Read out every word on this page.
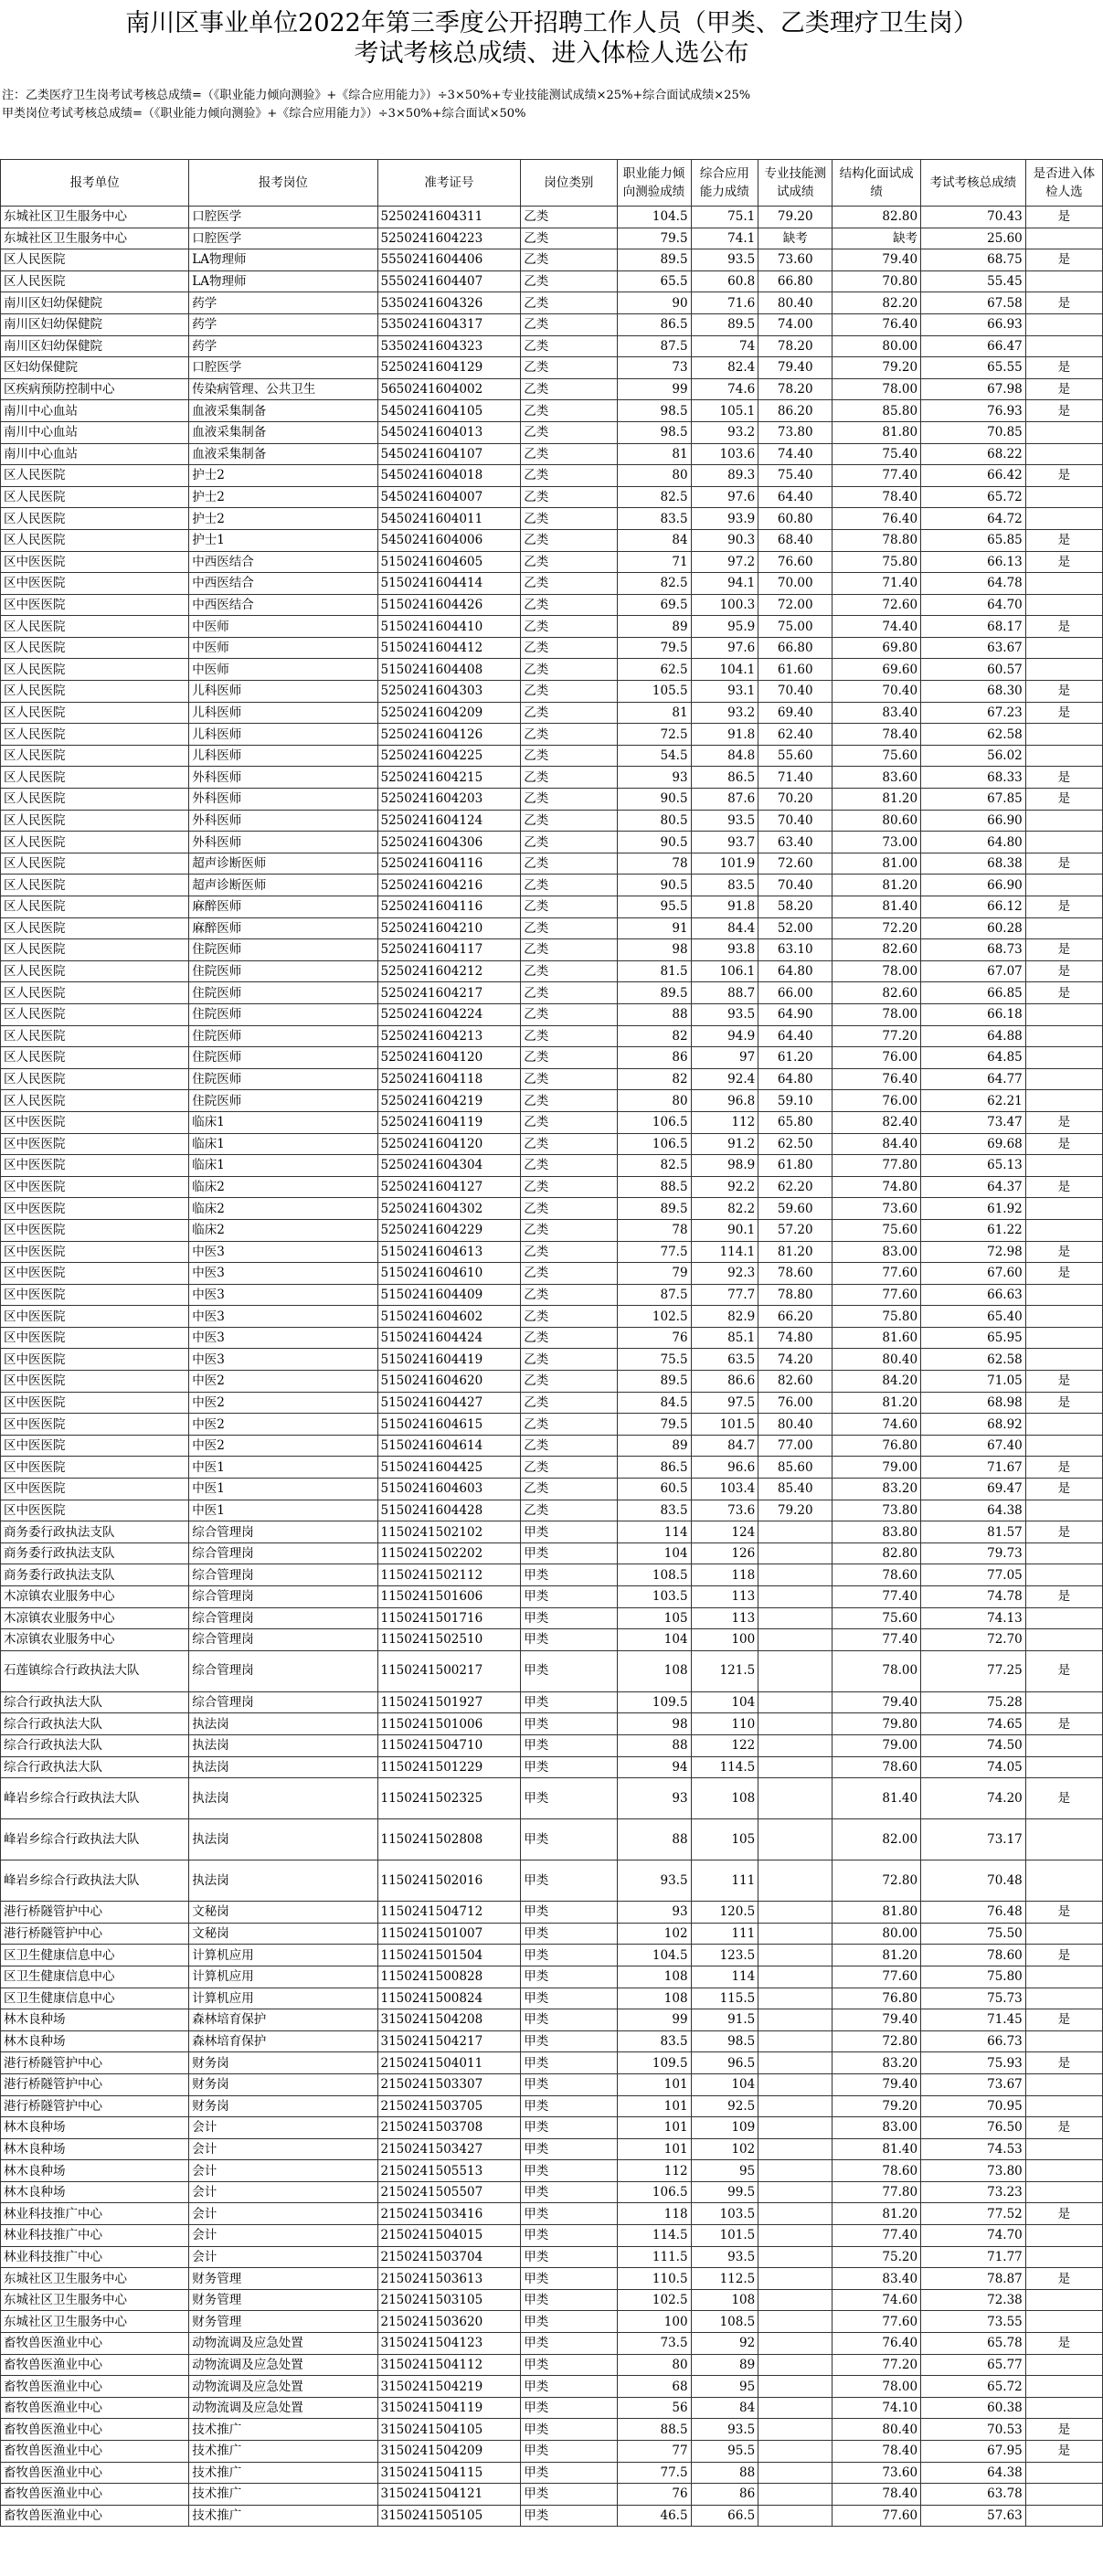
南川区事业单位2022年第三季度公开招聘工作人员（甲类、乙类理疗卫生岗）
考试考核总成绩、进入体检人选公布
注：乙类医疗卫生岗考试考核总成绩=（《职业能力倾向测验》+《综合应用能力》）÷3×50%+专业技能测试成绩×25%+综合面试成绩×25%
甲类岗位考试考核总成绩=（《职业能力倾向测验》+《综合应用能力》）÷3×50%+综合面试×50%
报考单位	报考岗位	准考证号	岗位类别	职业能力倾向测验成绩	综合应用能力成绩	专业技能测试成绩	结构化面试成绩	考试考核总成绩	是否进入体检人选
东城社区卫生服务中心	口腔医学	5250241604311	乙类	104.5	75.1	79.20	82.80	70.43	是
东城社区卫生服务中心	口腔医学	5250241604223	乙类	79.5	74.1	缺考	缺考	25.60	
区人民医院	LA物理师	5550241604406	乙类	89.5	93.5	73.60	79.40	68.75	是
区人民医院	LA物理师	5550241604407	乙类	65.5	60.8	66.80	70.80	55.45	
南川区妇幼保健院	药学	5350241604326	乙类	90	71.6	80.40	82.20	67.58	是
南川区妇幼保健院	药学	5350241604317	乙类	86.5	89.5	74.00	76.40	66.93	
南川区妇幼保健院	药学	5350241604323	乙类	87.5	74	78.20	80.00	66.47	
区妇幼保健院	口腔医学	5250241604129	乙类	73	82.4	79.40	79.20	65.55	是
区疾病预防控制中心	传染病管理、公共卫生	5650241604002	乙类	99	74.6	78.20	78.00	67.98	是
南川中心血站	血液采集制备	5450241604105	乙类	98.5	105.1	86.20	85.80	76.93	是
南川中心血站	血液采集制备	5450241604013	乙类	98.5	93.2	73.80	81.80	70.85	
南川中心血站	血液采集制备	5450241604107	乙类	81	103.6	74.40	75.40	68.22	
区人民医院	护士2	5450241604018	乙类	80	89.3	75.40	77.40	66.42	是
区人民医院	护士2	5450241604007	乙类	82.5	97.6	64.40	78.40	65.72	
区人民医院	护士2	5450241604011	乙类	83.5	93.9	60.80	76.40	64.72	
区人民医院	护士1	5450241604006	乙类	84	90.3	68.40	78.80	65.85	是
区中医医院	中西医结合	5150241604605	乙类	71	97.2	76.60	75.80	66.13	是
区中医医院	中西医结合	5150241604414	乙类	82.5	94.1	70.00	71.40	64.78	
区中医医院	中西医结合	5150241604426	乙类	69.5	100.3	72.00	72.60	64.70	
区人民医院	中医师	5150241604410	乙类	89	95.9	75.00	74.40	68.17	是
区人民医院	中医师	5150241604412	乙类	79.5	97.6	66.80	69.80	63.67	
区人民医院	中医师	5150241604408	乙类	62.5	104.1	61.60	69.60	60.57	
区人民医院	儿科医师	5250241604303	乙类	105.5	93.1	70.40	70.40	68.30	是
区人民医院	儿科医师	5250241604209	乙类	81	93.2	69.40	83.40	67.23	是
区人民医院	儿科医师	5250241604126	乙类	72.5	91.8	62.40	78.40	62.58	
区人民医院	儿科医师	5250241604225	乙类	54.5	84.8	55.60	75.60	56.02	
区人民医院	外科医师	5250241604215	乙类	93	86.5	71.40	83.60	68.33	是
区人民医院	外科医师	5250241604203	乙类	90.5	87.6	70.20	81.20	67.85	是
区人民医院	外科医师	5250241604124	乙类	80.5	93.5	70.40	80.60	66.90	
区人民医院	外科医师	5250241604306	乙类	90.5	93.7	63.40	73.00	64.80	
区人民医院	超声诊断医师	5250241604116	乙类	78	101.9	72.60	81.00	68.38	是
区人民医院	超声诊断医师	5250241604216	乙类	90.5	83.5	70.40	81.20	66.90	
区人民医院	麻醉医师	5250241604116	乙类	95.5	91.8	58.20	81.40	66.12	是
区人民医院	麻醉医师	5250241604210	乙类	91	84.4	52.00	72.20	60.28	
区人民医院	住院医师	5250241604117	乙类	98	93.8	63.10	82.60	68.73	是
区人民医院	住院医师	5250241604212	乙类	81.5	106.1	64.80	78.00	67.07	是
区人民医院	住院医师	5250241604217	乙类	89.5	88.7	66.00	82.60	66.85	是
区人民医院	住院医师	5250241604224	乙类	88	93.5	64.90	78.00	66.18	
区人民医院	住院医师	5250241604213	乙类	82	94.9	64.40	77.20	64.88	
区人民医院	住院医师	5250241604120	乙类	86	97	61.20	76.00	64.85	
区人民医院	住院医师	5250241604118	乙类	82	92.4	64.80	76.40	64.77	
区人民医院	住院医师	5250241604219	乙类	80	96.8	59.10	76.00	62.21	
区中医医院	临床1	5250241604119	乙类	106.5	112	65.80	82.40	73.47	是
区中医医院	临床1	5250241604120	乙类	106.5	91.2	62.50	84.40	69.68	是
区中医医院	临床1	5250241604304	乙类	82.5	98.9	61.80	77.80	65.13	
区中医医院	临床2	5250241604127	乙类	88.5	92.2	62.20	74.80	64.37	是
区中医医院	临床2	5250241604302	乙类	89.5	82.2	59.60	73.60	61.92	
区中医医院	临床2	5250241604229	乙类	78	90.1	57.20	75.60	61.22	
区中医医院	中医3	5150241604613	乙类	77.5	114.1	81.20	83.00	72.98	是
区中医医院	中医3	5150241604610	乙类	79	92.3	78.60	77.60	67.60	是
区中医医院	中医3	5150241604409	乙类	87.5	77.7	78.80	77.60	66.63	
区中医医院	中医3	5150241604602	乙类	102.5	82.9	66.20	75.80	65.40	
区中医医院	中医3	5150241604424	乙类	76	85.1	74.80	81.60	65.95	
区中医医院	中医3	5150241604419	乙类	75.5	63.5	74.20	80.40	62.58	
区中医医院	中医2	5150241604620	乙类	89.5	86.6	82.60	84.20	71.05	是
区中医医院	中医2	5150241604427	乙类	84.5	97.5	76.00	81.20	68.98	是
区中医医院	中医2	5150241604615	乙类	79.5	101.5	80.40	74.60	68.92	
区中医医院	中医2	5150241604614	乙类	89	84.7	77.00	76.80	67.40	
区中医医院	中医1	5150241604425	乙类	86.5	96.6	85.60	79.00	71.67	是
区中医医院	中医1	5150241604603	乙类	60.5	103.4	85.40	83.20	69.47	是
区中医医院	中医1	5150241604428	乙类	83.5	73.6	79.20	73.80	64.38	
商务委行政执法支队	综合管理岗	1150241502102	甲类	114	124		83.80	81.57	是
商务委行政执法支队	综合管理岗	1150241502202	甲类	104	126		82.80	79.73	
商务委行政执法支队	综合管理岗	1150241502112	甲类	108.5	118		78.60	77.05	
木凉镇农业服务中心	综合管理岗	1150241501606	甲类	103.5	113		77.40	74.78	是
木凉镇农业服务中心	综合管理岗	1150241501716	甲类	105	113		75.60	74.13	
木凉镇农业服务中心	综合管理岗	1150241502510	甲类	104	100		77.40	72.70	
石莲镇综合行政执法大队	综合管理岗	1150241500217	甲类	108	121.5		78.00	77.25	是
综合行政执法大队	综合管理岗	1150241501927	甲类	109.5	104		79.40	75.28	
综合行政执法大队	执法岗	1150241501006	甲类	98	110		79.80	74.65	是
综合行政执法大队	执法岗	1150241504710	甲类	88	122		79.00	74.50	
综合行政执法大队	执法岗	1150241501229	甲类	94	114.5		78.60	74.05	
峰岩乡综合行政执法大队	执法岗	1150241502325	甲类	93	108		81.40	74.20	是
峰岩乡综合行政执法大队	执法岗	1150241502808	甲类	88	105		82.00	73.17	
峰岩乡综合行政执法大队	执法岗	1150241502016	甲类	93.5	111		72.80	70.48	
港行桥隧管护中心	文秘岗	1150241504712	甲类	93	120.5		81.80	76.48	是
港行桥隧管护中心	文秘岗	1150241501007	甲类	102	111		80.00	75.50	
区卫生健康信息中心	计算机应用	1150241501504	甲类	104.5	123.5		81.20	78.60	是
区卫生健康信息中心	计算机应用	1150241500828	甲类	108	114		77.60	75.80	
区卫生健康信息中心	计算机应用	1150241500824	甲类	108	115.5		76.80	75.73	
林木良种场	森林培育保护	3150241504208	甲类	99	91.5		79.40	71.45	是
林木良种场	森林培育保护	3150241504217	甲类	83.5	98.5		72.80	66.73	
港行桥隧管护中心	财务岗	2150241504011	甲类	109.5	96.5		83.20	75.93	是
港行桥隧管护中心	财务岗	2150241503307	甲类	101	104		79.40	73.67	
港行桥隧管护中心	财务岗	2150241503705	甲类	101	92.5		79.20	70.95	
林木良种场	会计	2150241503708	甲类	101	109		83.00	76.50	是
林木良种场	会计	2150241503427	甲类	101	102		81.40	74.53	
林木良种场	会计	2150241505513	甲类	112	95		78.60	73.80	
林木良种场	会计	2150241505507	甲类	106.5	99.5		77.80	73.23	
林业科技推广中心	会计	2150241503416	甲类	118	103.5		81.20	77.52	是
林业科技推广中心	会计	2150241504015	甲类	114.5	101.5		77.40	74.70	
林业科技推广中心	会计	2150241503704	甲类	111.5	93.5		75.20	71.77	
东城社区卫生服务中心	财务管理	2150241503613	甲类	110.5	112.5		83.40	78.87	是
东城社区卫生服务中心	财务管理	2150241503105	甲类	102.5	108		74.60	72.38	
东城社区卫生服务中心	财务管理	2150241503620	甲类	100	108.5		77.60	73.55	
畜牧兽医渔业中心	动物流调及应急处置	3150241504123	甲类	73.5	92		76.40	65.78	是
畜牧兽医渔业中心	动物流调及应急处置	3150241504112	甲类	80	89		77.20	65.77	
畜牧兽医渔业中心	动物流调及应急处置	3150241504219	甲类	68	95		78.00	65.72	
畜牧兽医渔业中心	动物流调及应急处置	3150241504119	甲类	56	84		74.10	60.38	
畜牧兽医渔业中心	技术推广	3150241504105	甲类	88.5	93.5		80.40	70.53	是
畜牧兽医渔业中心	技术推广	3150241504209	甲类	77	95.5		78.40	67.95	是
畜牧兽医渔业中心	技术推广	3150241504115	甲类	77.5	88		73.60	64.38	
畜牧兽医渔业中心	技术推广	3150241504121	甲类	76	86		78.40	63.78	
畜牧兽医渔业中心	技术推广	3150241505105	甲类	46.5	66.5		77.60	57.63	
